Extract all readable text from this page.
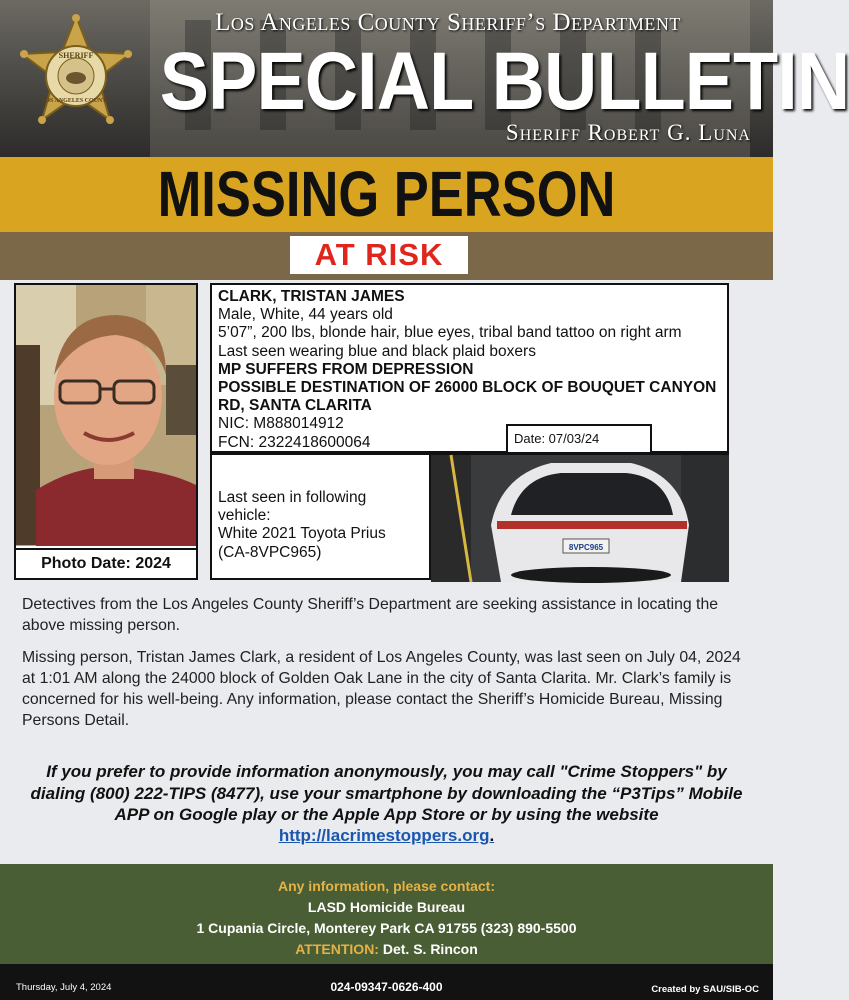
SHERIFF
LOS ANGELES COUNTY
Los Angeles County Sheriff’s Department
SPECIAL BULLETIN
Sheriff Robert G. Luna
MISSING PERSON
AT RISK
Photo Date: 2024
CLARK, TRISTAN JAMES
Male, White, 44 years old
5’07”, 200 lbs, blonde hair, blue eyes, tribal band tattoo on right arm
Last seen wearing blue and black plaid boxers
MP SUFFERS FROM DEPRESSION
POSSIBLE DESTINATION OF 26000 BLOCK OF BOUQUET CANYON RD, SANTA CLARITA
NIC: M888014912
FCN: 2322418600064
Last seen in following vehicle:
White 2021 Toyota Prius
(CA-8VPC965)	8VPC965
Date: 07/03/24
Detectives from the Los Angeles County Sheriff’s Department are seeking assistance in locating the above missing person.
Missing person, Tristan James Clark, a resident of Los Angeles County, was last seen on July 04, 2024 at 1:01 AM along the 24000 block of Golden Oak Lane in the city of Santa Clarita. Mr. Clark’s family is concerned for his well-being. Any information, please contact the Sheriff’s Homicide Bureau, Missing Persons Detail.
If you prefer to provide information anonymously, you may call "Crime Stoppers" by dialing (800) 222-TIPS (8477), use your smartphone by downloading the “P3Tips” Mobile APP on Google play or the Apple App Store or by using the website
http://lacrimestoppers.org.
Any information, please contact:
LASD Homicide Bureau
1 Cupania Circle, Monterey Park CA 91755 (323) 890-5500
ATTENTION: Det. S. Rincon
Thursday, July 4, 2024	024-09347-0626-400	Created by SAU/SIB-OC
